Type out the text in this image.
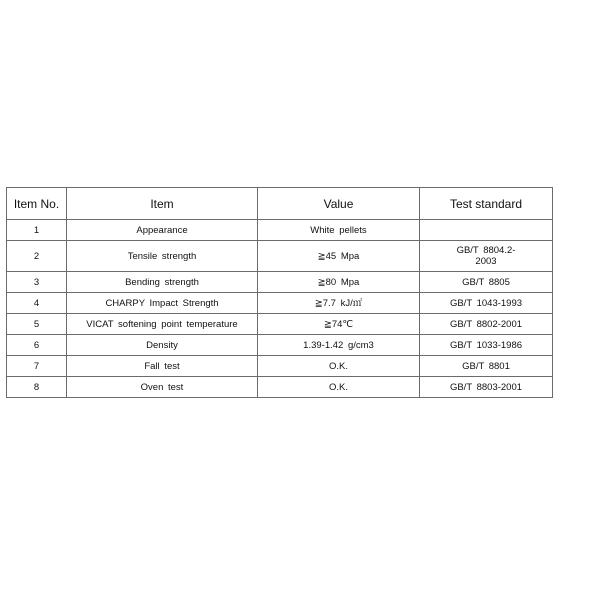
Item No.	Item	Value	Test standard
1	Appearance	White pellets	
2	Tensile strength	≧45 Mpa	GB/T 8804.2-2003
3	Bending strength	≧80 Mpa	GB/T 8805
4	CHARPY Impact Strength	≧7.7 kJ/㎡	GB/T 1043-1993
5	VICAT softening point temperature	≧74℃	GB/T 8802-2001
6	Density	1.39-1.42 g/cm3	GB/T 1033-1986
7	Fall test	O.K.	GB/T 8801
8	Oven test	O.K.	GB/T 8803-2001
